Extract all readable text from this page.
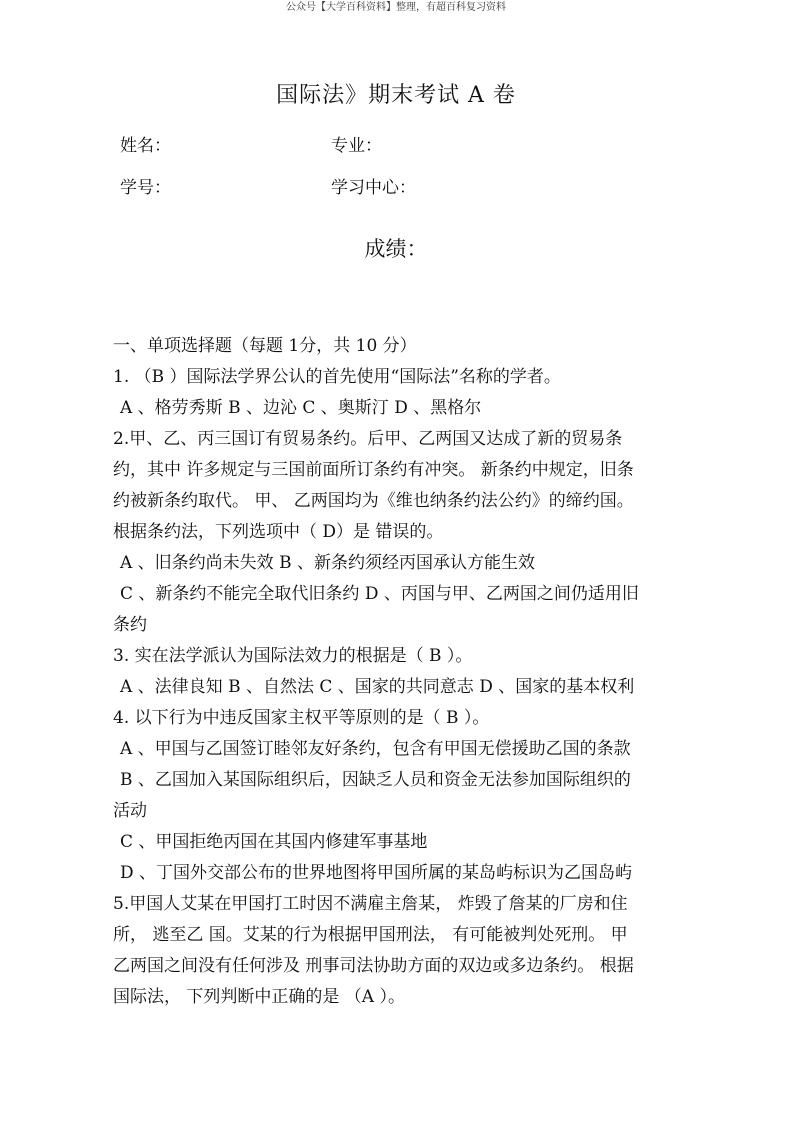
公众号【大学百科资料】整理，有超百科复习资料
国际法》期末考试 A 卷
姓名：	专业：
学号：	学习中心：
成绩：
一、单项选择题（每题 1分，共 10 分）
1. （B ）国际法学界公认的首先使用“国际法”名称的学者。
A 、格劳秀斯 B 、边沁 C 、奥斯汀 D 、黑格尔
2.甲、乙、丙三国订有贸易条约。后甲、乙两国又达成了新的贸易条
约，其中 许多规定与三国前面所订条约有冲突。 新条约中规定，旧条
约被新条约取代。 甲、 乙两国均为《维也纳条约法公约》的缔约国。
根据条约法，下列选项中（ D）是 错误的。
A 、旧条约尚未失效 B 、新条约须经丙国承认方能生效
C 、新条约不能完全取代旧条约 D 、丙国与甲、乙两国之间仍适用旧
条约
3. 实在法学派认为国际法效力的根据是（ B ）。
A 、法律良知 B 、自然法 C 、国家的共同意志 D 、国家的基本权利
4. 以下行为中违反国家主权平等原则的是（ B ）。
A 、甲国与乙国签订睦邻友好条约，包含有甲国无偿援助乙国的条款
B 、乙国加入某国际组织后，因缺乏人员和资金无法参加国际组织的
活动
C 、甲国拒绝丙国在其国内修建军事基地
D 、丁国外交部公布的世界地图将甲国所属的某岛屿标识为乙国岛屿
5.甲国人艾某在甲国打工时因不满雇主詹某， 炸毁了詹某的厂房和住
所， 逃至乙 国。艾某的行为根据甲国刑法， 有可能被判处死刑。 甲
乙两国之间没有任何涉及 刑事司法协助方面的双边或多边条约。 根据
国际法， 下列判断中正确的是 （A ）。
